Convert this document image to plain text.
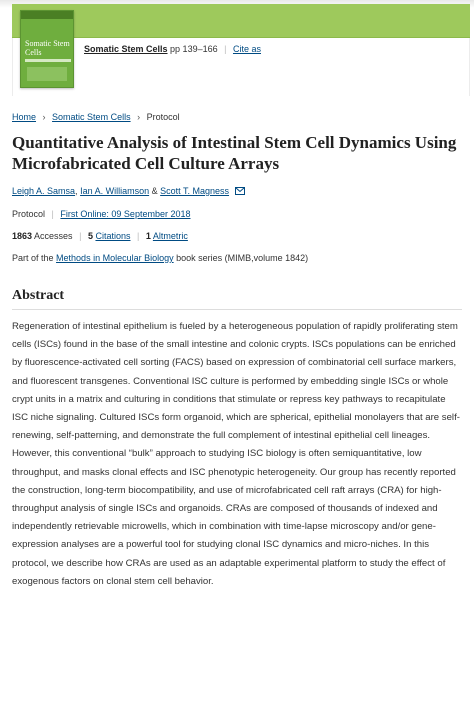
Somatic Stem Cells	Somatic Stem Cells pp 139–166 | Cite as
Home › Somatic Stem Cells › Protocol
Quantitative Analysis of Intestinal Stem Cell Dynamics Using Microfabricated Cell Culture Arrays
Leigh A. Samsa, Ian A. Williamson & Scott T. Magness
Protocol | First Online: 09 September 2018
1863 Accesses | 5 Citations | 1 Altmetric
Part of the Methods in Molecular Biology book series (MIMB,volume 1842)
Abstract

Regeneration of intestinal epithelium is fueled by a heterogeneous population of rapidly proliferating stem cells (ISCs) found in the base of the small intestine and colonic crypts. ISCs populations can be enriched by fluorescence-activated cell sorting (FACS) based on expression of combinatorial cell surface markers, and fluorescent transgenes. Conventional ISC culture is performed by embedding single ISCs or whole crypt units in a matrix and culturing in conditions that stimulate or repress key pathways to recapitulate ISC niche signaling. Cultured ISCs form organoid, which are spherical, epithelial monolayers that are self-renewing, self-patterning, and demonstrate the full complement of intestinal epithelial cell lineages. However, this conventional “bulk” approach to studying ISC biology is often semiquantitative, low throughput, and masks clonal effects and ISC phenotypic heterogeneity. Our group has recently reported the construction, long-term biocompatibility, and use of microfabricated cell raft arrays (CRA) for high-throughput analysis of single ISCs and organoids. CRAs are composed of thousands of indexed and independently retrievable microwells, which in combination with time-lapse microscopy and/or gene-expression analyses are a powerful tool for studying clonal ISC dynamics and micro-niches. In this protocol, we describe how CRAs are used as an adaptable experimental platform to study the effect of exogenous factors on clonal stem cell behavior.
